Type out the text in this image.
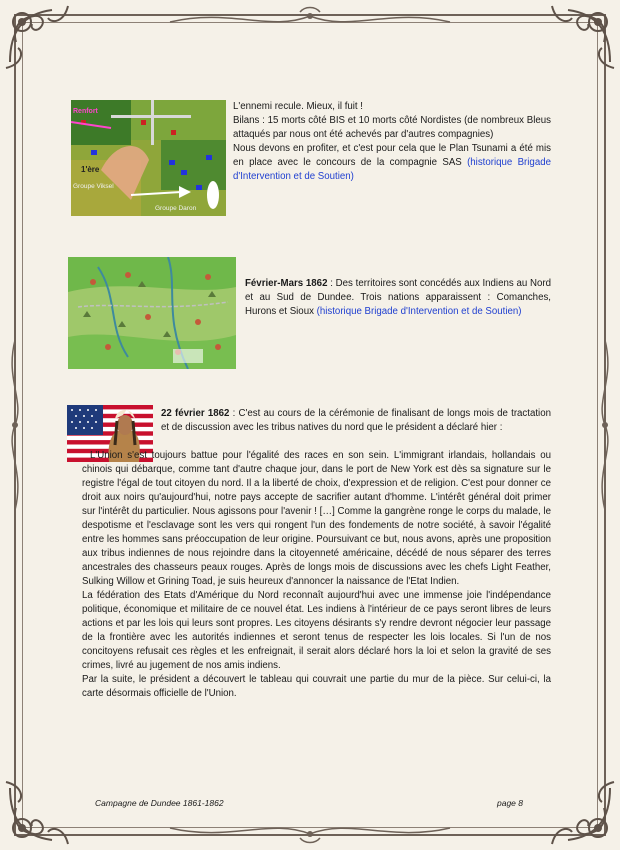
Renfort
1'ère
Groupe Viksel
Groupe Daron
L'ennemi recule. Mieux, il fuit !
Bilans : 15 morts côté BIS et 10 morts côté Nordistes (de nombreux Bleus attaqués par nous ont été achevés par d'autres compagnies)
Nous devons en profiter, et c'est pour cela que le Plan Tsunami a été mis en place avec le concours de la compagnie SAS (historique Brigade d'Intervention et de Soutien)
Février-Mars 1862 : Des territoires sont concédés aux Indiens au Nord et au Sud de Dundee. Trois nations apparaissent : Comanches, Hurons et Sioux (historique Brigade d'Intervention et de Soutien)
22 février 1862 : C'est au cours de la cérémonie de finalisant de longs mois de tractation et de discussion avec les tribus natives du nord que le président a déclaré hier :

L'Union s'est toujours battue pour l'égalité des races en son sein. L'immigrant irlandais, hollandais ou chinois qui débarque, comme tant d'autre chaque jour, dans le port de New York est dès sa signature sur le registre l'égal de tout citoyen du nord. Il a la liberté de choix, d'expression et de religion. C'est pour donner ce droit aux noirs qu'aujourd'hui, notre pays accepte de sacrifier autant d'homme. L'intérêt général doit primer sur l'intérêt du particulier. Nous agissons pour l'avenir ! […] Comme la gangrène ronge le corps du malade, le despotisme et l'esclavage sont les vers qui rongent l'un des fondements de notre société, à savoir l'égalité entre les hommes sans préoccupation de leur origine. Poursuivant ce but, nous avons, après une proposition aux tribus indiennes de nous rejoindre dans la citoyenneté américaine, décédé de nous séparer des terres ancestrales des chasseurs peaux rouges. Après de longs mois de discussions avec les chefs Light Feather, Sulking Willow et Grining Toad, je suis heureux d'annoncer la naissance de l'Etat Indien.

La fédération des Etats d'Amérique du Nord reconnaît aujourd'hui avec une immense joie l'indépendance politique, économique et militaire de ce nouvel état. Les indiens à l'intérieur de ce pays seront libres de leurs actions et par les lois qui leurs sont propres. Les citoyens désirants s'y rendre devront négocier leur passage de la frontière avec les autorités indiennes et seront tenus de respecter les lois locales. Si l'un de nos concitoyens refusait ces règles et les enfreignait, il serait alors déclaré hors la loi et selon la gravité de ses crimes, livré au jugement de nos amis indiens.

Par la suite, le président a découvert le tableau qui couvrait une partie du mur de la pièce. Sur celui-ci, la carte désormais officielle de l'Union.

Campagne de Dundee 1861-1862	page 8
